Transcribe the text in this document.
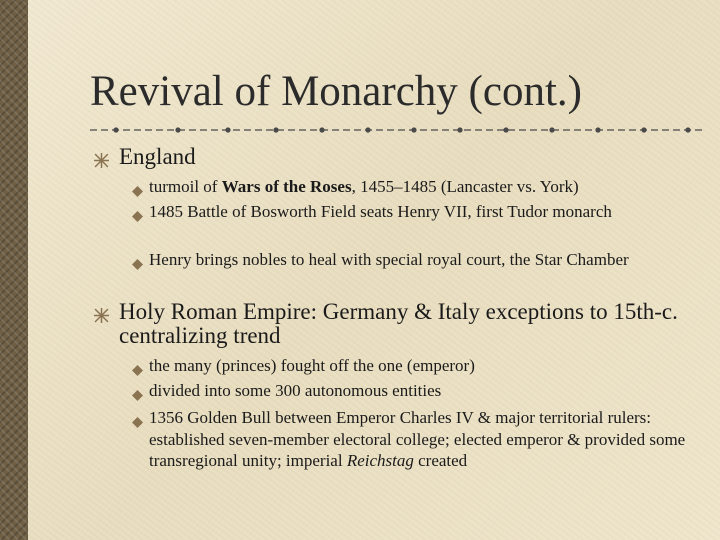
Revival of Monarchy (cont.)
England
turmoil of Wars of the Roses, 1455–1485 (Lancaster vs. York)
1485 Battle of Bosworth Field seats Henry VII, first Tudor monarch
Henry brings nobles to heal with special royal court, the Star Chamber
Holy Roman Empire: Germany & Italy exceptions to 15th-c. centralizing trend
the many (princes) fought off the one (emperor)
divided into some 300 autonomous entities
1356 Golden Bull between Emperor Charles IV & major territorial rulers: established seven-member electoral college; elected emperor & provided some transregional unity; imperial Reichstag created
